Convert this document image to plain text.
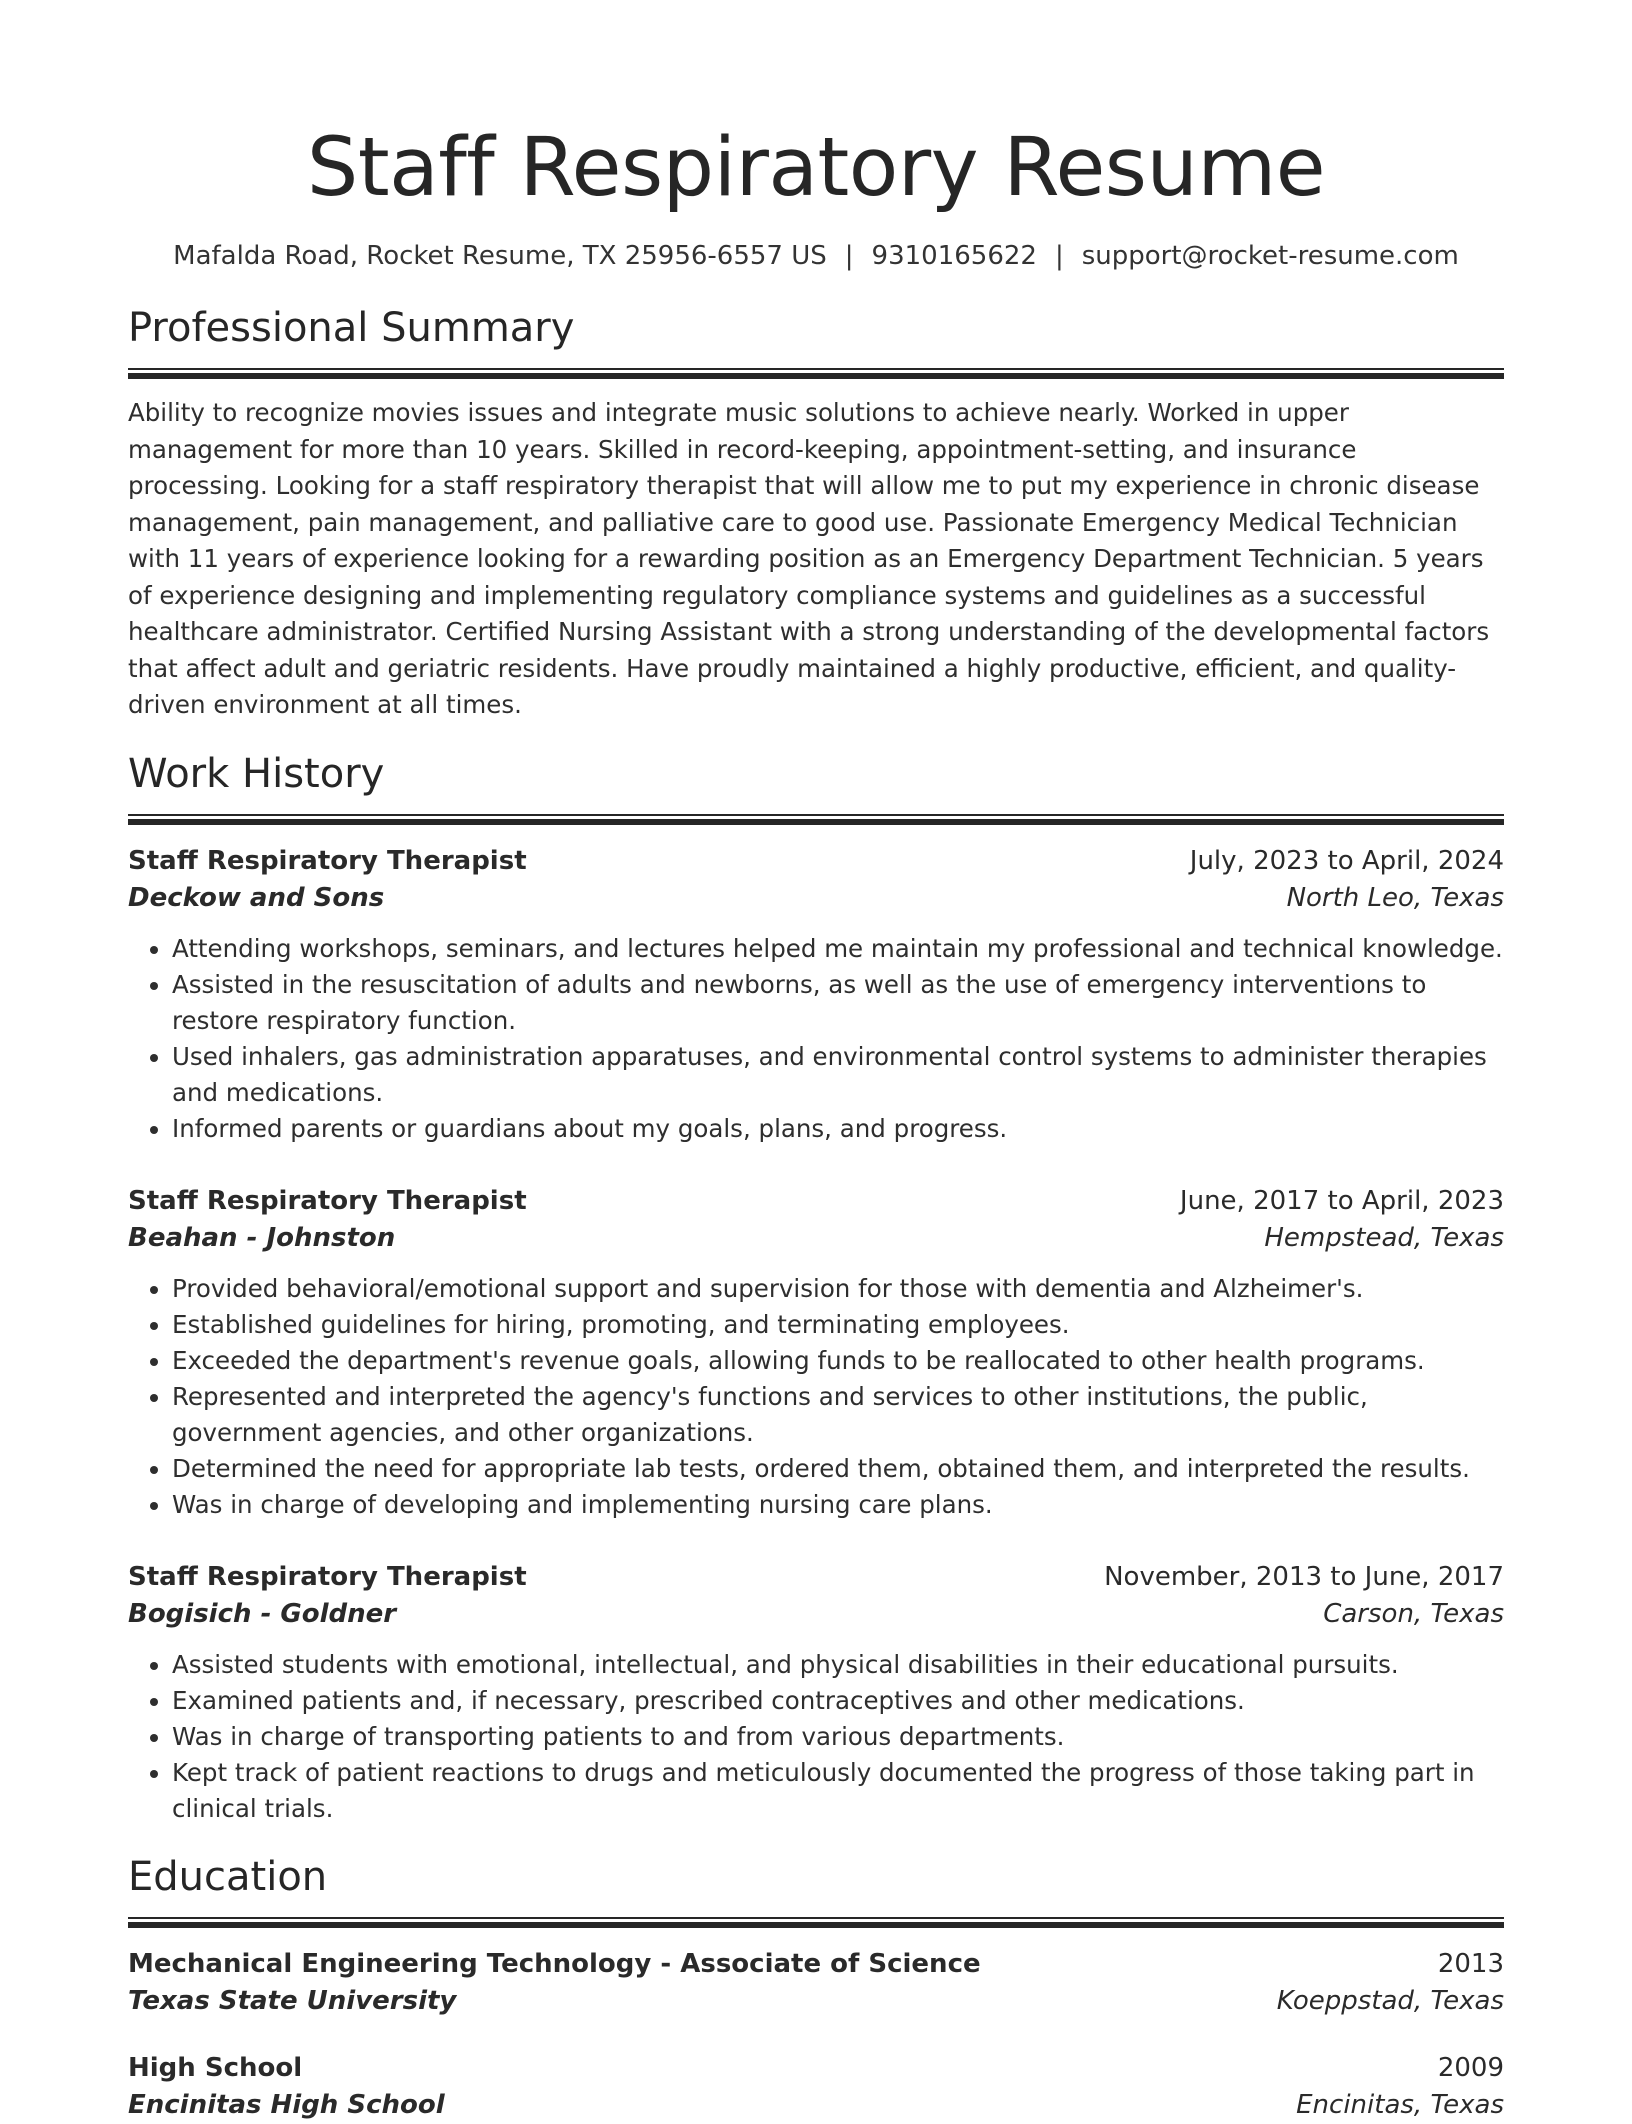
Staff Respiratory Resume
Mafalda Road, Rocket Resume, TX 25956-6557 US | 9310165622 | support@rocket-resume.com
Professional Summary

Ability to recognize movies issues and integrate music solutions to achieve nearly. Worked in upper management for more than 10 years. Skilled in record-keeping, appointment-setting, and insurance processing. Looking for a staff respiratory therapist that will allow me to put my experience in chronic disease management, pain management, and palliative care to good use. Passionate Emergency Medical Technician with 11 years of experience looking for a rewarding position as an Emergency Department Technician. 5 years of experience designing and implementing regulatory compliance systems and guidelines as a successful healthcare administrator. Certified Nursing Assistant with a strong understanding of the developmental factors that affect adult and geriatric residents. Have proudly maintained a highly productive, efficient, and quality-driven environment at all times.

Work History
Staff Respiratory Therapist	July, 2023 to April, 2024
Deckow and Sons	North Leo, Texas
• Attending workshops, seminars, and lectures helped me maintain my professional and technical knowledge.
• Assisted in the resuscitation of adults and newborns, as well as the use of emergency interventions to restore respiratory function.
• Used inhalers, gas administration apparatuses, and environmental control systems to administer therapies and medications.
• Informed parents or guardians about my goals, plans, and progress.
Staff Respiratory Therapist	June, 2017 to April, 2023
Beahan - Johnston	Hempstead, Texas
• Provided behavioral/emotional support and supervision for those with dementia and Alzheimer's.
• Established guidelines for hiring, promoting, and terminating employees.
• Exceeded the department's revenue goals, allowing funds to be reallocated to other health programs.
• Represented and interpreted the agency's functions and services to other institutions, the public, government agencies, and other organizations.
• Determined the need for appropriate lab tests, ordered them, obtained them, and interpreted the results.
• Was in charge of developing and implementing nursing care plans.
Staff Respiratory Therapist	November, 2013 to June, 2017
Bogisich - Goldner	Carson, Texas
• Assisted students with emotional, intellectual, and physical disabilities in their educational pursuits.
• Examined patients and, if necessary, prescribed contraceptives and other medications.
• Was in charge of transporting patients to and from various departments.
• Kept track of patient reactions to drugs and meticulously documented the progress of those taking part in clinical trials.
Education
Mechanical Engineering Technology - Associate of Science	2013
Texas State University	Koeppstad, Texas
High School	2009
Encinitas High School	Encinitas, Texas
